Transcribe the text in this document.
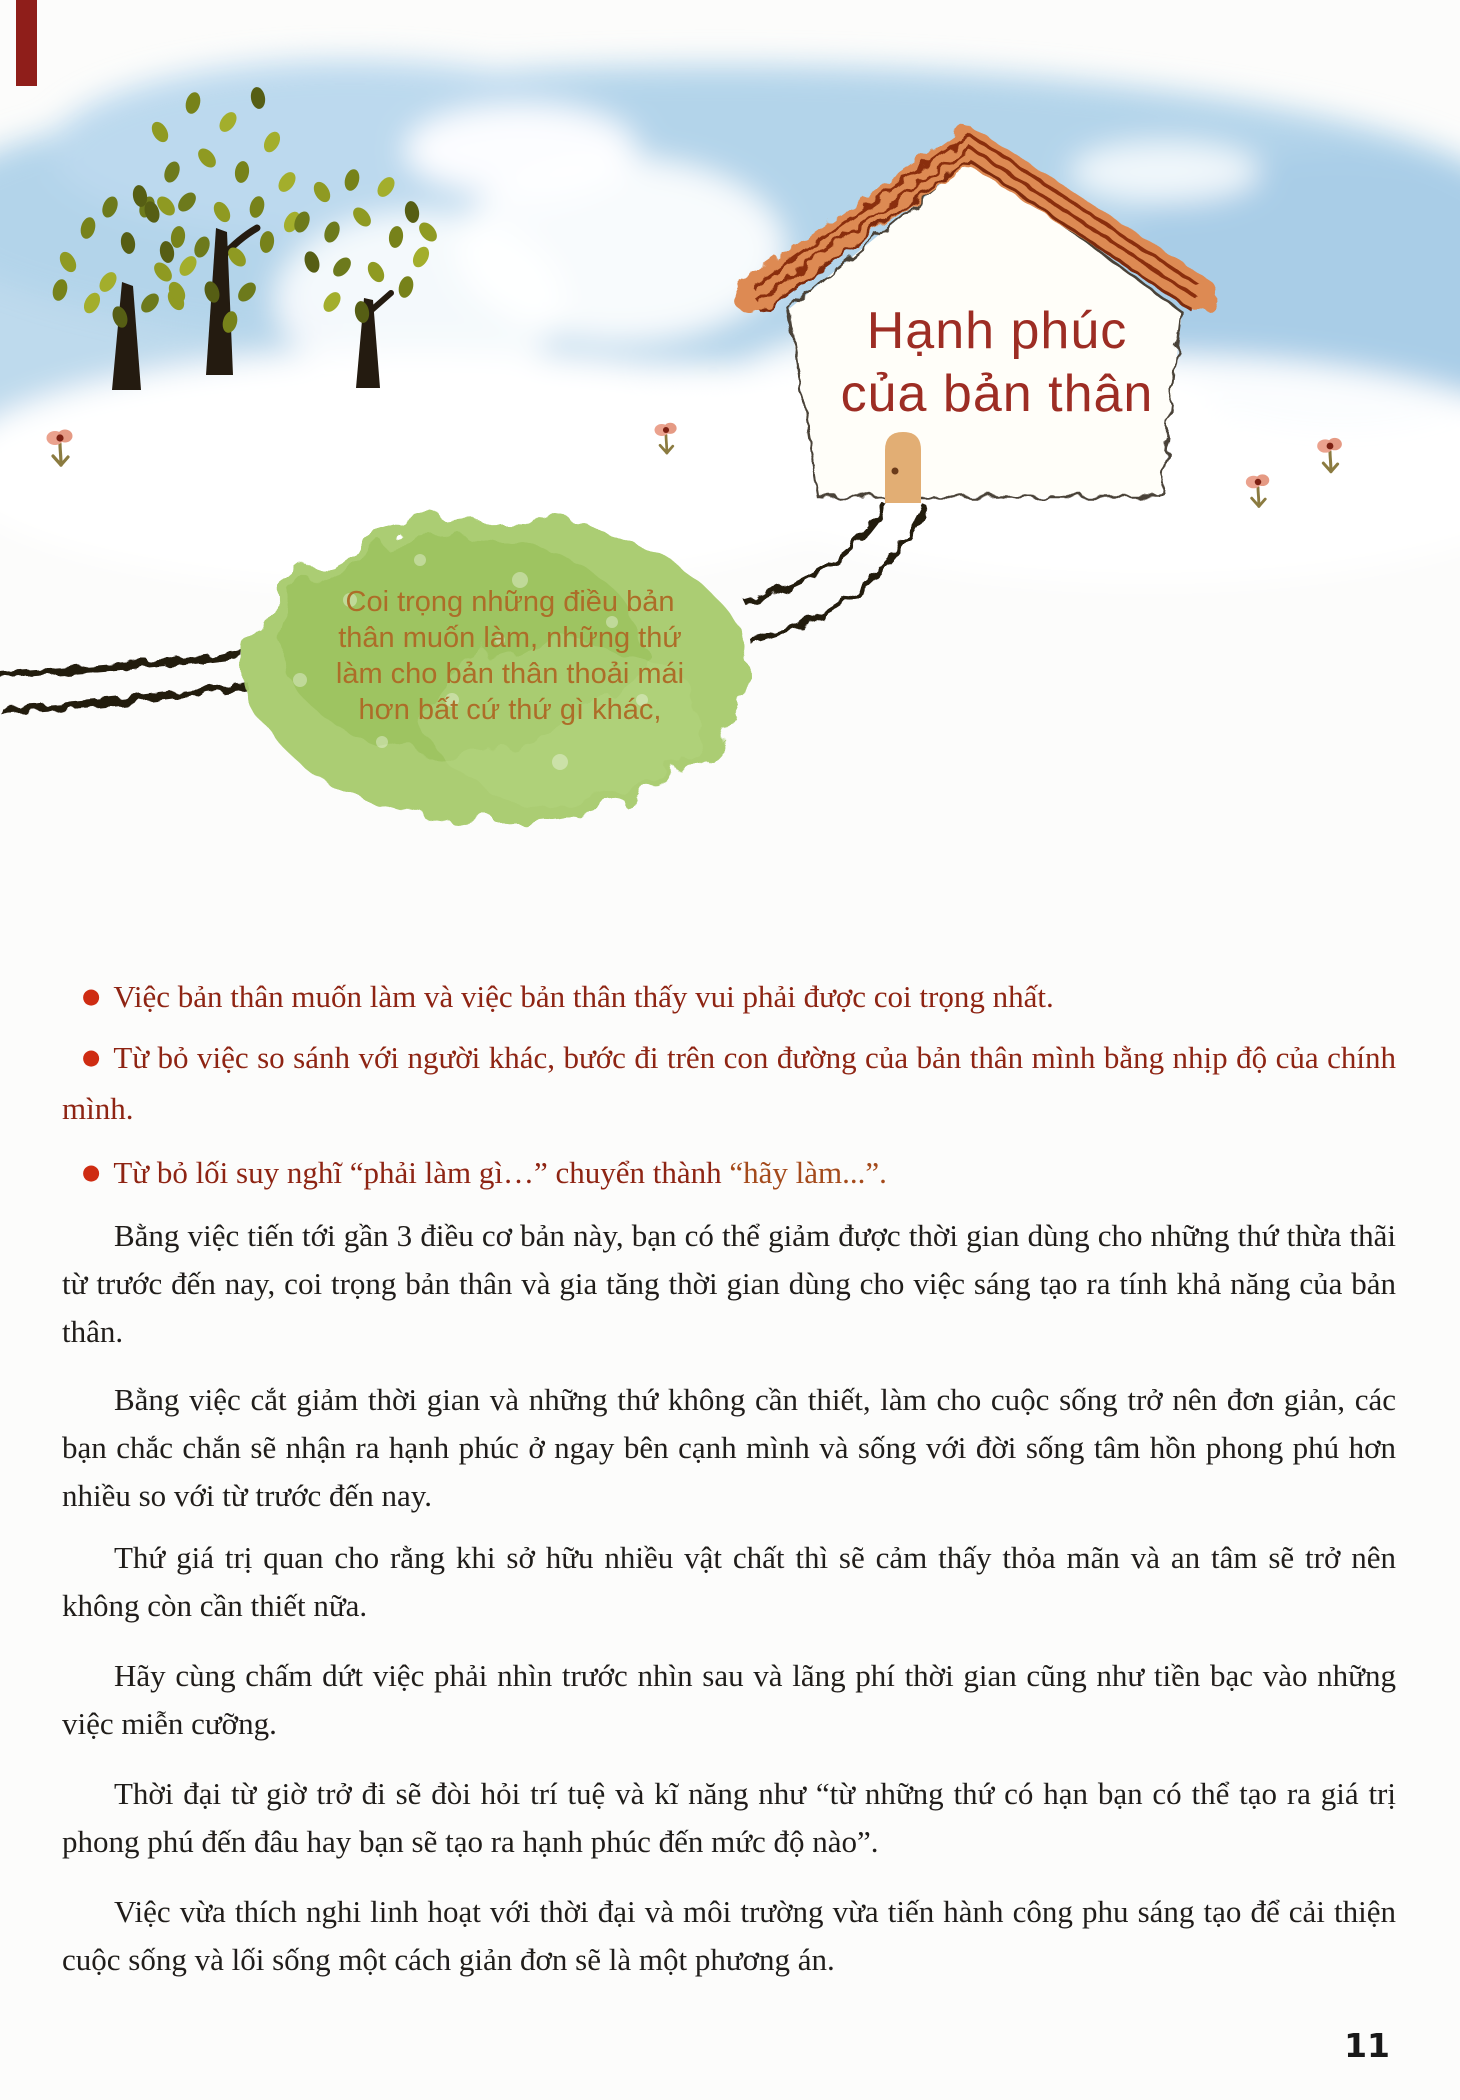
Hạnh phúc
của bản thân
Coi trọng những điều bản
thân muốn làm, những thứ
làm cho bản thân thoải mái
hơn bất cứ thứ gì khác,

● Việc bản thân muốn làm và việc bản thân thấy vui phải được coi trọng nhất.

● Từ bỏ việc so sánh với người khác, bước đi trên con đường của bản thân mình bằng nhịp độ của chính mình.

● Từ bỏ lối suy nghĩ “phải làm gì…” chuyển thành “hãy làm...”.

Bằng việc tiến tới gần 3 điều cơ bản này, bạn có thể giảm được thời gian dùng cho những thứ thừa thãi từ trước đến nay, coi trọng bản thân và gia tăng thời gian dùng cho việc sáng tạo ra tính khả năng của bản thân.

Bằng việc cắt giảm thời gian và những thứ không cần thiết, làm cho cuộc sống trở nên đơn giản, các bạn chắc chắn sẽ nhận ra hạnh phúc ở ngay bên cạnh mình và sống với đời sống tâm hồn phong phú hơn nhiều so với từ trước đến nay.

Thứ giá trị quan cho rằng khi sở hữu nhiều vật chất thì sẽ cảm thấy thỏa mãn và an tâm sẽ trở nên không còn cần thiết nữa.

Hãy cùng chấm dứt việc phải nhìn trước nhìn sau và lãng phí thời gian cũng như tiền bạc vào những việc miễn cưỡng.

Thời đại từ giờ trở đi sẽ đòi hỏi trí tuệ và kĩ năng như “từ những thứ có hạn bạn có thể tạo ra giá trị phong phú đến đâu hay bạn sẽ tạo ra hạnh phúc đến mức độ nào”.

Việc vừa thích nghi linh hoạt với thời đại và môi trường vừa tiến hành công phu sáng tạo để cải thiện cuộc sống và lối sống một cách giản đơn sẽ là một phương án.

11
